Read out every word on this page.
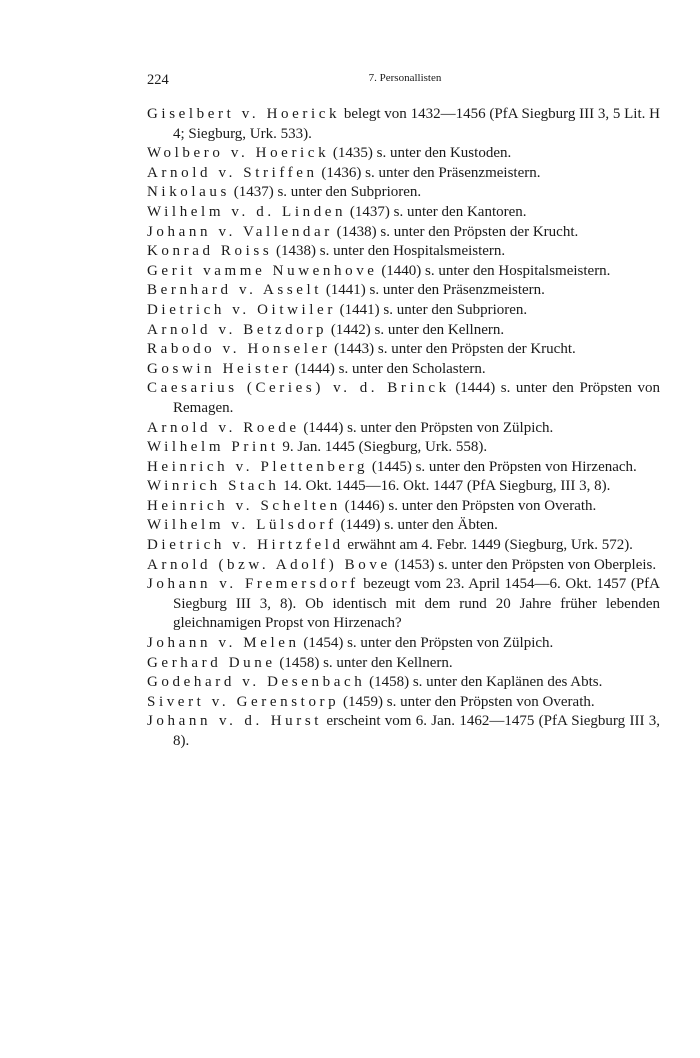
224	7. Personallisten

Giselbert v. Hoerick belegt von 1432—1456 (PfA Siegburg III 3, 5 Lit. H 4; Siegburg, Urk. 533).

Wolbero v. Hoerick (1435) s. unter den Kustoden.

Arnold v. Striffen (1436) s. unter den Präsenzmeistern.

Nikolaus (1437) s. unter den Subprioren.

Wilhelm v. d. Linden (1437) s. unter den Kantoren.

Johann v. Vallendar (1438) s. unter den Pröpsten der Krucht.

Konrad Roiss (1438) s. unter den Hospitalsmeistern.

Gerit vamme Nuwenhove (1440) s. unter den Hospitalsmeistern.

Bernhard v. Asselt (1441) s. unter den Präsenzmeistern.

Dietrich v. Oitwiler (1441) s. unter den Subprioren.

Arnold v. Betzdorp (1442) s. unter den Kellnern.

Rabodo v. Honseler (1443) s. unter den Pröpsten der Krucht.

Goswin Heister (1444) s. unter den Scholastern.

Caesarius (Ceries) v. d. Brinck (1444) s. unter den Pröpsten von Remagen.

Arnold v. Roede (1444) s. unter den Pröpsten von Zülpich.

Wilhelm Print 9. Jan. 1445 (Siegburg, Urk. 558).

Heinrich v. Plettenberg (1445) s. unter den Pröpsten von Hirzenach.

Winrich Stach 14. Okt. 1445—16. Okt. 1447 (PfA Siegburg, III 3, 8).

Heinrich v. Schelten (1446) s. unter den Pröpsten von Overath.

Wilhelm v. Lülsdorf (1449) s. unter den Äbten.

Dietrich v. Hirtzfeld erwähnt am 4. Febr. 1449 (Siegburg, Urk. 572).

Arnold (bzw. Adolf) Bove (1453) s. unter den Pröpsten von Oberpleis.

Johann v. Fremersdorf bezeugt vom 23. April 1454—6. Okt. 1457 (PfA Siegburg III 3, 8). Ob identisch mit dem rund 20 Jahre früher lebenden gleichnamigen Propst von Hirzenach?

Johann v. Melen (1454) s. unter den Pröpsten von Zülpich.

Gerhard Dune (1458) s. unter den Kellnern.

Godehard v. Desenbach (1458) s. unter den Kaplänen des Abts.

Sivert v. Gerenstorp (1459) s. unter den Pröpsten von Overath.

Johann v. d. Hurst erscheint vom 6. Jan. 1462—1475 (PfA Siegburg III 3, 8).
